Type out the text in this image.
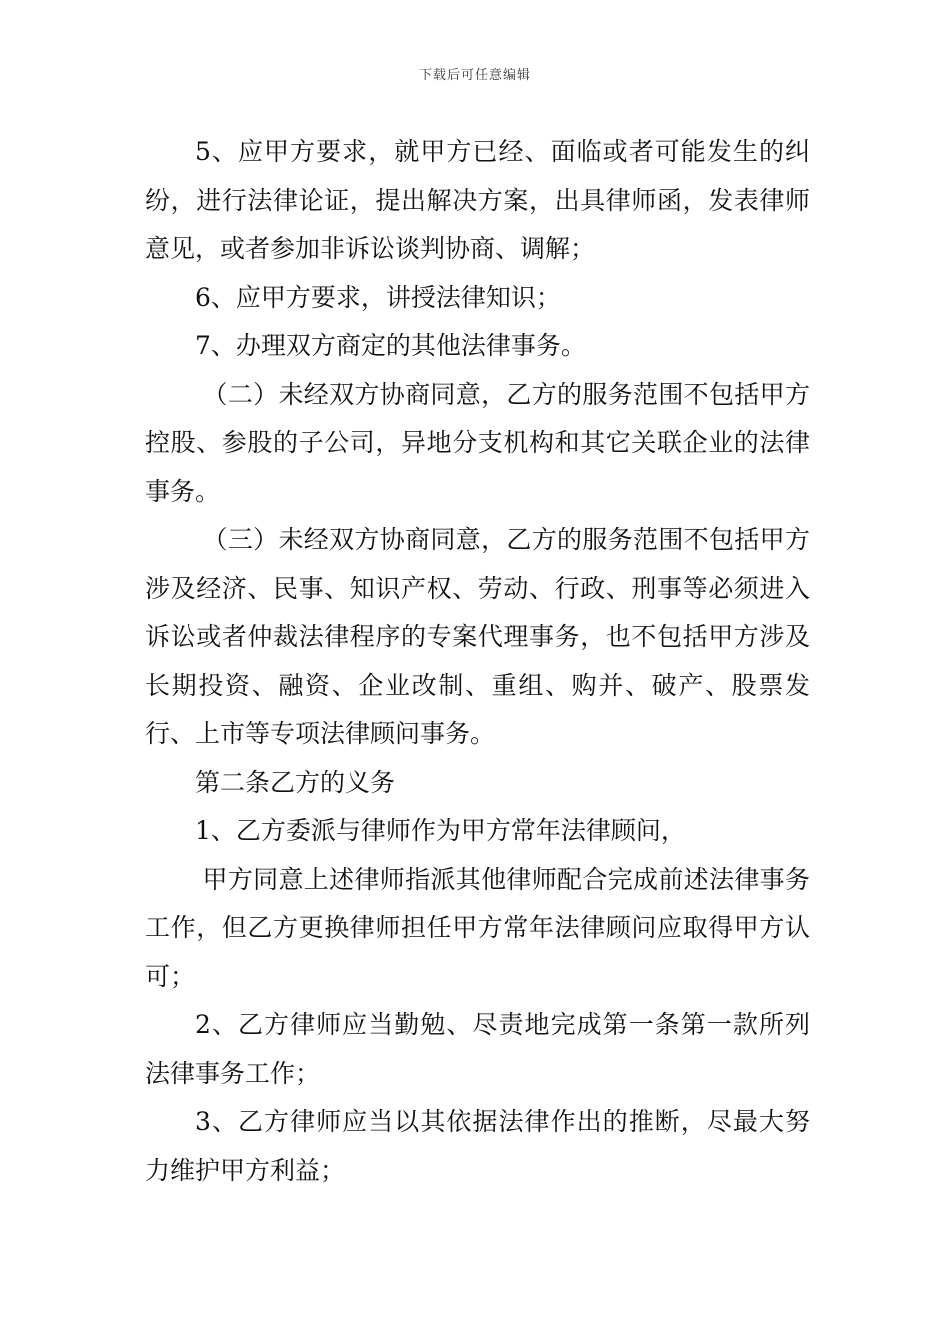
下载后可任意编辑

5、应甲方要求，就甲方已经、面临或者可能发生的纠纷，进行法律论证，提出解决方案，出具律师函，发表律师意见，或者参加非诉讼谈判协商、调解；

6、应甲方要求，讲授法律知识；

7、办理双方商定的其他法律事务。

（二）未经双方协商同意，乙方的服务范围不包括甲方控股、参股的子公司，异地分支机构和其它关联企业的法律事务。

（三）未经双方协商同意，乙方的服务范围不包括甲方涉及经济、民事、知识产权、劳动、行政、刑事等必须进入诉讼或者仲裁法律程序的专案代理事务，也不包括甲方涉及长期投资、融资、企业改制、重组、购并、破产、股票发行、上市等专项法律顾问事务。

第二条乙方的义务

1、乙方委派与律师作为甲方常年法律顾问，

甲方同意上述律师指派其他律师配合完成前述法律事务工作，但乙方更换律师担任甲方常年法律顾问应取得甲方认可；

2、乙方律师应当勤勉、尽责地完成第一条第一款所列法律事务工作；

3、乙方律师应当以其依据法律作出的推断，尽最大努力维护甲方利益；
